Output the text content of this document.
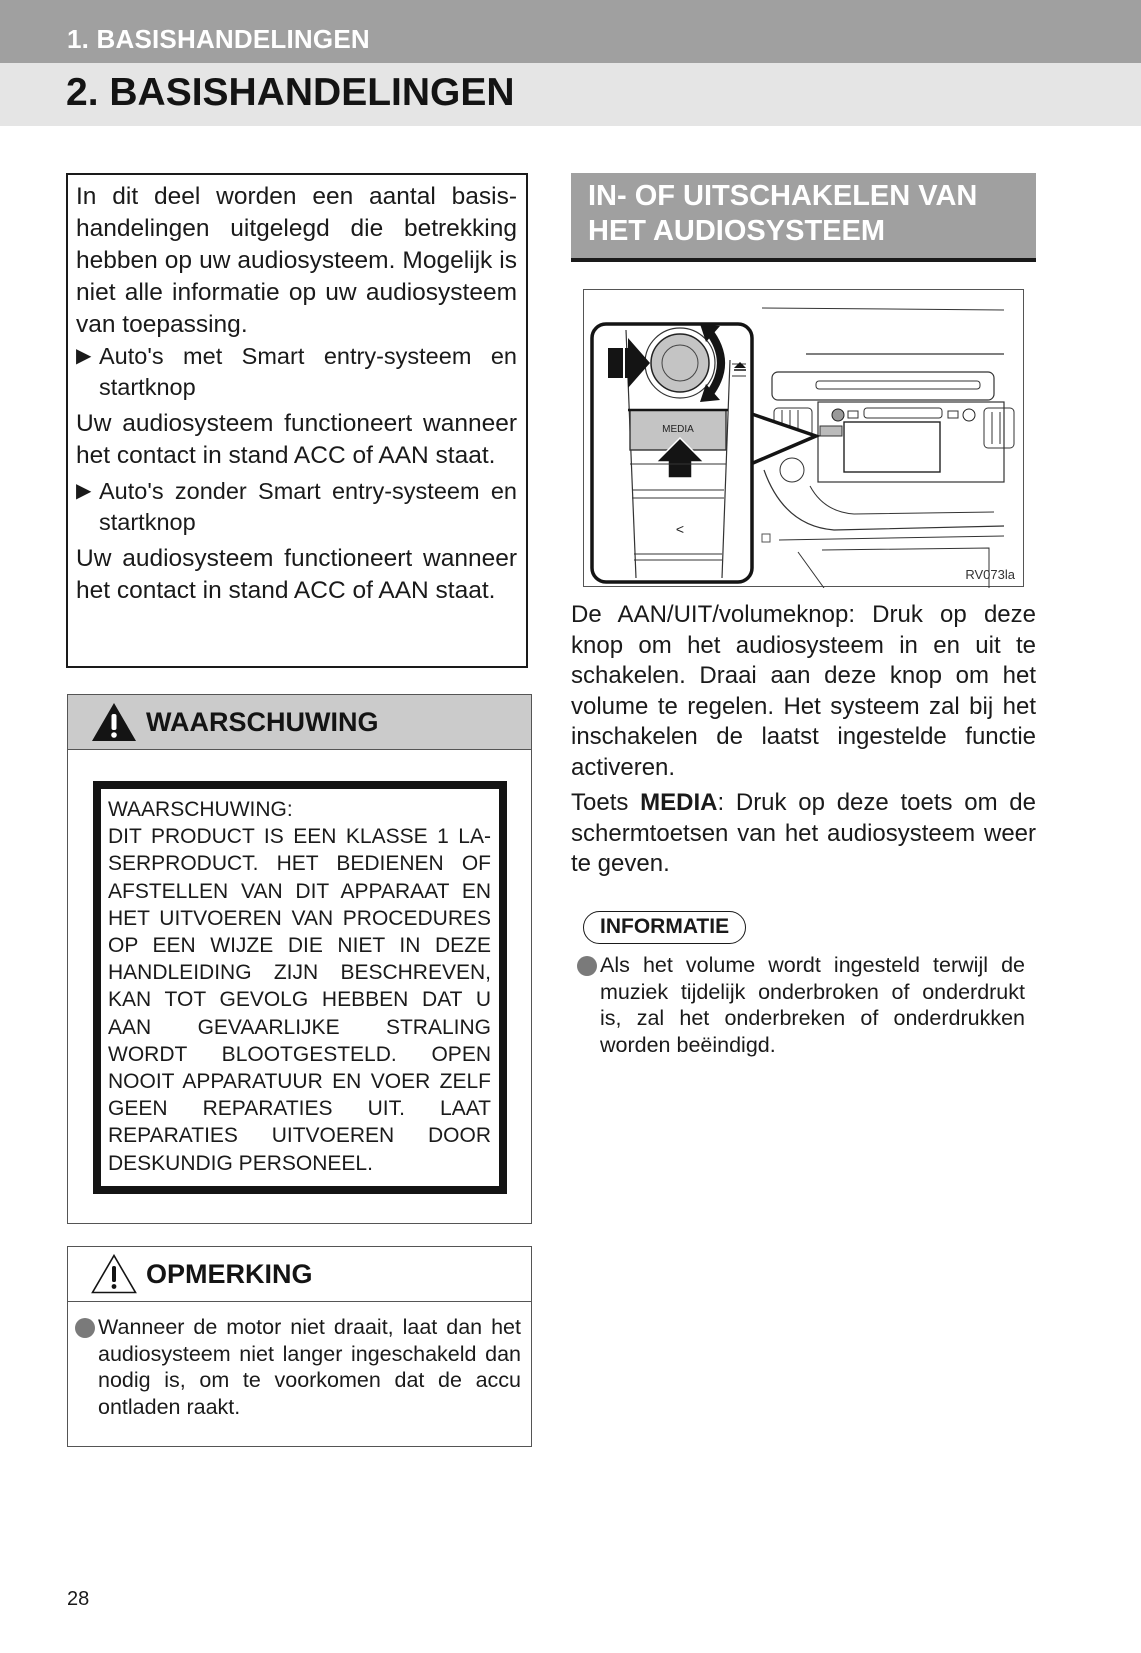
1. BASISHANDELINGEN
2. BASISHANDELINGEN

In dit deel worden een aantal basishandelingen uitgelegd die betrekking hebben op uw audiosysteem. Mogelijk is niet alle informatie op uw audiosysteem van toepassing.

▶ Auto's met Smart entry-systeem en startknop

Uw audiosysteem functioneert wanneer het contact in stand ACC of AAN staat.

▶ Auto's zonder Smart entry-systeem en startknop

Uw audiosysteem functioneert wanneer het contact in stand ACC of AAN staat.

WAARSCHUWING

WAARSCHUWING:

DIT PRODUCT IS EEN KLASSE 1 LASERPRODUCT. HET BEDIENEN OF AFSTELLEN VAN DIT APPARAAT EN HET UITVOEREN VAN PROCEDURES OP EEN WIJZE DIE NIET IN DEZE HANDLEIDING ZIJN BESCHREVEN, KAN TOT GEVOLG HEBBEN DAT U AAN GEVAARLIJKE STRALING WORDT BLOOTGESTELD. OPEN NOOIT APPARATUUR EN VOER ZELF GEEN REPARATIES UIT. LAAT REPARATIES UITVOEREN DOOR DESKUNDIG PERSONEEL.

OPMERKING
Wanneer de motor niet draait, laat dan het audiosysteem niet langer ingeschakeld dan nodig is, om te voorkomen dat de accu ontladen raakt.
IN- OF UITSCHAKELEN VAN
HET AUDIOSYSTEEM
MEDIA
<
RV073la

De AAN/UIT/volumeknop: Druk op deze knop om het audiosysteem in en uit te schakelen. Draai aan deze knop om het volume te regelen. Het systeem zal bij het inschakelen de laatst ingestelde functie activeren.

Toets MEDIA: Druk op deze toets om de schermtoetsen van het audiosysteem weer te geven.

INFORMATIE
Als het volume wordt ingesteld terwijl de muziek tijdelijk onderbroken of onderdrukt is, zal het onderbreken of onderdrukken worden beëindigd.
28
